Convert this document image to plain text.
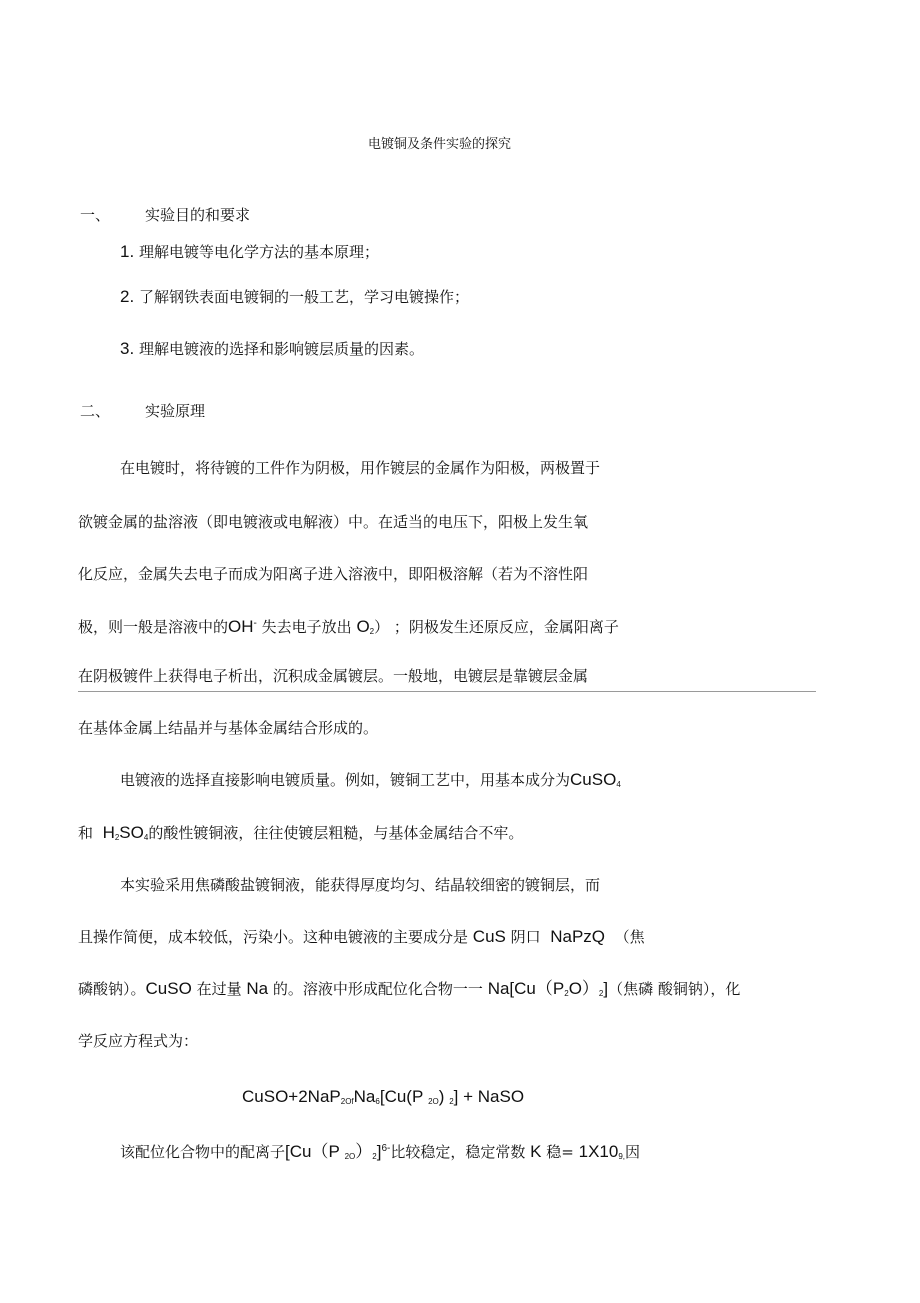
电镀铜及条件实验的探究
一、 实验目的和要求
1. 理解电镀等电化学方法的基本原理；
2. 了解钢铁表面电镀铜的一般工艺，学习电镀操作；
3. 理解电镀液的选择和影响镀层质量的因素。
二、 实验原理
在电镀时，将待镀的工件作为阴极，用作镀层的金属作为阳极，两极置于
欲镀金属的盐溶液（即电镀液或电解液）中。在适当的电压下，阳极上发生氧
化反应，金属失去电子而成为阳离子进入溶液中，即阳极溶解（若为不溶性阳
极，则一般是溶液中的OH- 失去电子放出 $O_2$） ；阴极发生还原反应，金属阳离子
在阴极镀件上获得电子析出，沉积成金属镀层。一般地，电镀层是靠镀层金属
在基体金属上结晶并与基体金属结合形成的。
电镀液的选择直接影响电镀质量。例如，镀铜工艺中，用基本成分为CuSO$_4$
和 $H_2SO_4$的酸性镀铜液，往往使镀层粗糙，与基体金属结合不牢。
本实验采用焦磷酸盐镀铜液，能获得厚度均匀、结晶较细密的镀铜层，而
且操作简便，成本较低，污染小。这种电镀液的主要成分是 CuS 阴口 NaPzQ （焦
磷酸钠）。CuSO 在过量 Na 的。溶液中形成配位化合物一一 $Na[Cu(P_2O)_2]$（焦磷 酸铜钠），化
学反应方程式为：
$CuSO+2NaP_{2Of}Na_6[Cu(P$ $_{2O}$) $_2$] + NaSO
该配位化合物中的配离子[Cu（P $_{2O})_2]^{6-}$比较稳定，稳定常数 K 稳= $1X10_{9,}$因
